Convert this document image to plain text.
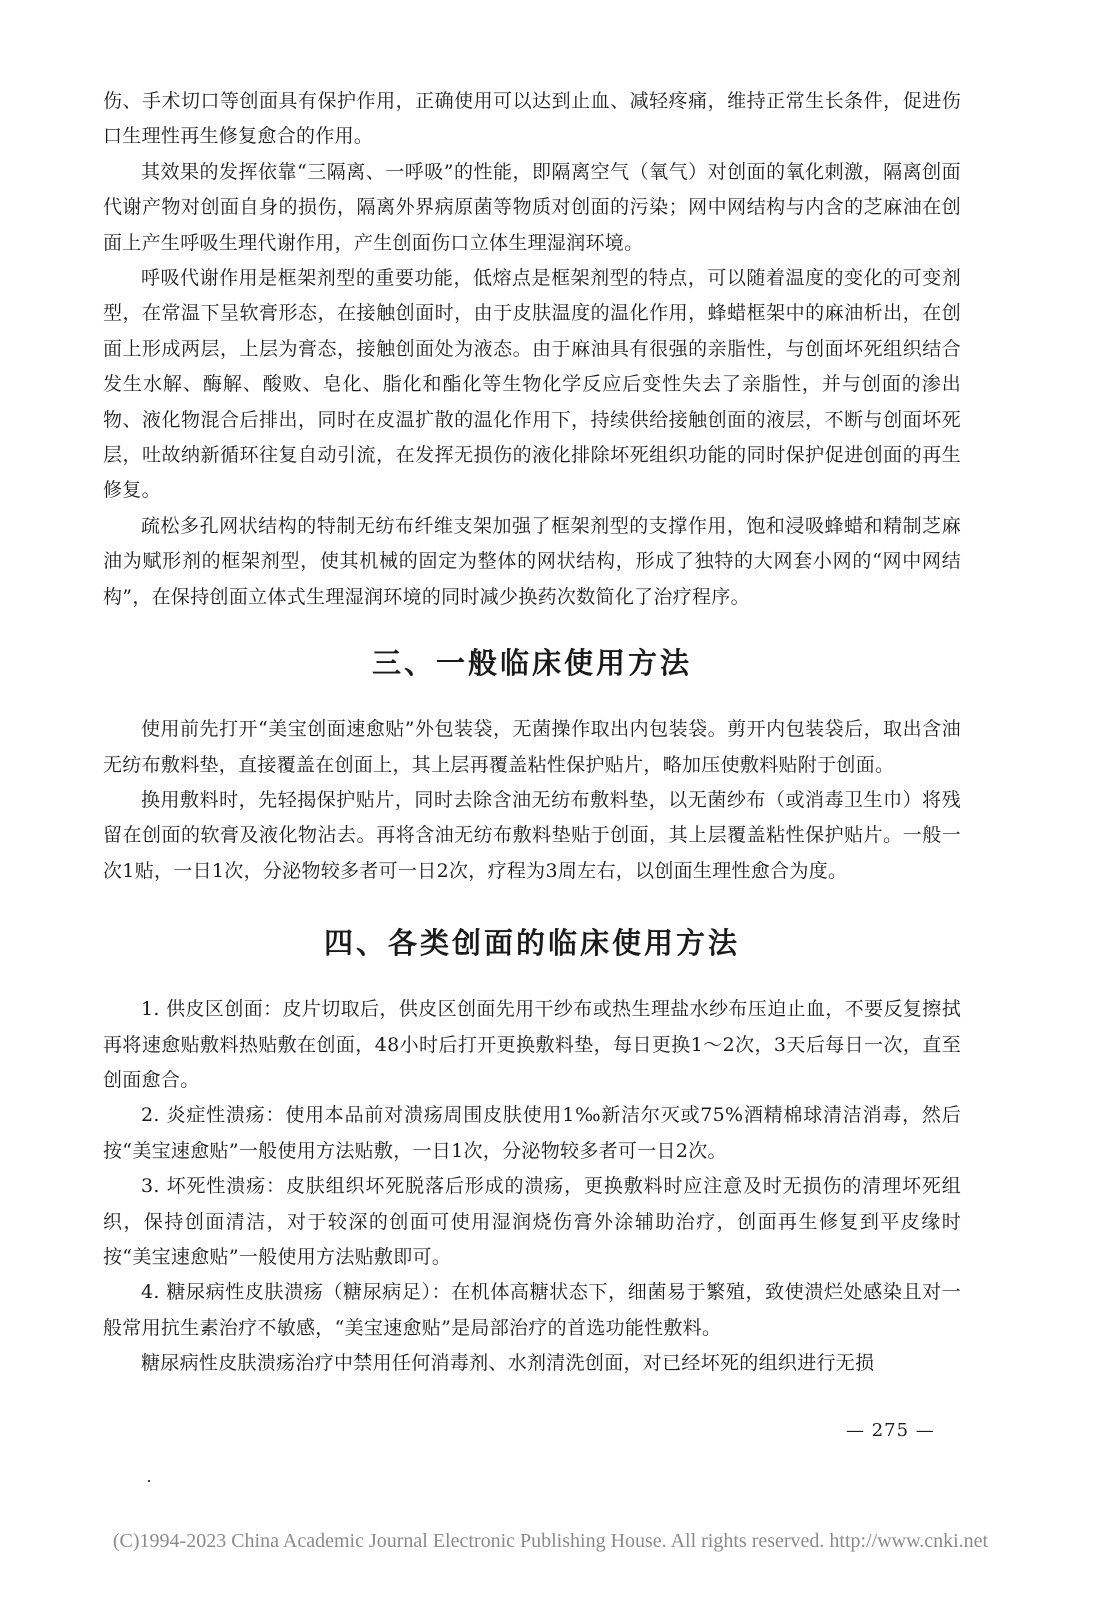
伤、手术切口等创面具有保护作用，正确使用可以达到止血、减轻疼痛，维持正常生长条件，促进伤口生理性再生修复愈合的作用。

其效果的发挥依靠“三隔离、一呼吸”的性能，即隔离空气（氧气）对创面的氧化刺激，隔离创面代谢产物对创面自身的损伤，隔离外界病原菌等物质对创面的污染；网中网结构与内含的芝麻油在创面上产生呼吸生理代谢作用，产生创面伤口立体生理湿润环境。

呼吸代谢作用是框架剂型的重要功能，低熔点是框架剂型的特点，可以随着温度的变化的可变剂型，在常温下呈软膏形态，在接触创面时，由于皮肤温度的温化作用，蜂蜡框架中的麻油析出，在创面上形成两层，上层为膏态，接触创面处为液态。由于麻油具有很强的亲脂性，与创面坏死组织结合发生水解、酶解、酸败、皂化、脂化和酯化等生物化学反应后变性失去了亲脂性，并与创面的渗出物、液化物混合后排出，同时在皮温扩散的温化作用下，持续供给接触创面的液层，不断与创面坏死层，吐故纳新循环往复自动引流，在发挥无损伤的液化排除坏死组织功能的同时保护促进创面的再生修复。

疏松多孔网状结构的特制无纺布纤维支架加强了框架剂型的支撑作用，饱和浸吸蜂蜡和精制芝麻油为赋形剂的框架剂型，使其机械的固定为整体的网状结构，形成了独特的大网套小网的“网中网结构”，在保持创面立体式生理湿润环境的同时减少换药次数简化了治疗程序。

三、一般临床使用方法

使用前先打开“美宝创面速愈贴”外包装袋，无菌操作取出内包装袋。剪开内包装袋后，取出含油无纺布敷料垫，直接覆盖在创面上，其上层再覆盖粘性保护贴片，略加压使敷料贴附于创面。

换用敷料时，先轻揭保护贴片，同时去除含油无纺布敷料垫，以无菌纱布（或消毒卫生巾）将残留在创面的软膏及液化物沾去。再将含油无纺布敷料垫贴于创面，其上层覆盖粘性保护贴片。一般一次1贴，一日1次，分泌物较多者可一日2次，疗程为3周左右，以创面生理性愈合为度。

四、各类创面的临床使用方法

1. 供皮区创面：皮片切取后，供皮区创面先用干纱布或热生理盐水纱布压迫止血，不要反复擦拭再将速愈贴敷料热贴敷在创面，48小时后打开更换敷料垫，每日更换1～2次，3天后每日一次，直至创面愈合。

2. 炎症性溃疡：使用本品前对溃疡周围皮肤使用1‰新洁尔灭或75%酒精棉球清洁消毒，然后按“美宝速愈贴”一般使用方法贴敷，一日1次，分泌物较多者可一日2次。

3. 坏死性溃疡：皮肤组织坏死脱落后形成的溃疡，更换敷料时应注意及时无损伤的清理坏死组织，保持创面清洁，对于较深的创面可使用湿润烧伤膏外涂辅助治疗，创面再生修复到平皮缘时按“美宝速愈贴”一般使用方法贴敷即可。

4. 糖尿病性皮肤溃疡（糖尿病足）：在机体高糖状态下，细菌易于繁殖，致使溃烂处感染且对一般常用抗生素治疗不敏感，“美宝速愈贴”是局部治疗的首选功能性敷料。

糖尿病性皮肤溃疡治疗中禁用任何消毒剂、水剂清洗创面，对已经坏死的组织进行无损

— 275 —
(C)1994-2023 China Academic Journal Electronic Publishing House. All rights reserved. http://www.cnki.net
